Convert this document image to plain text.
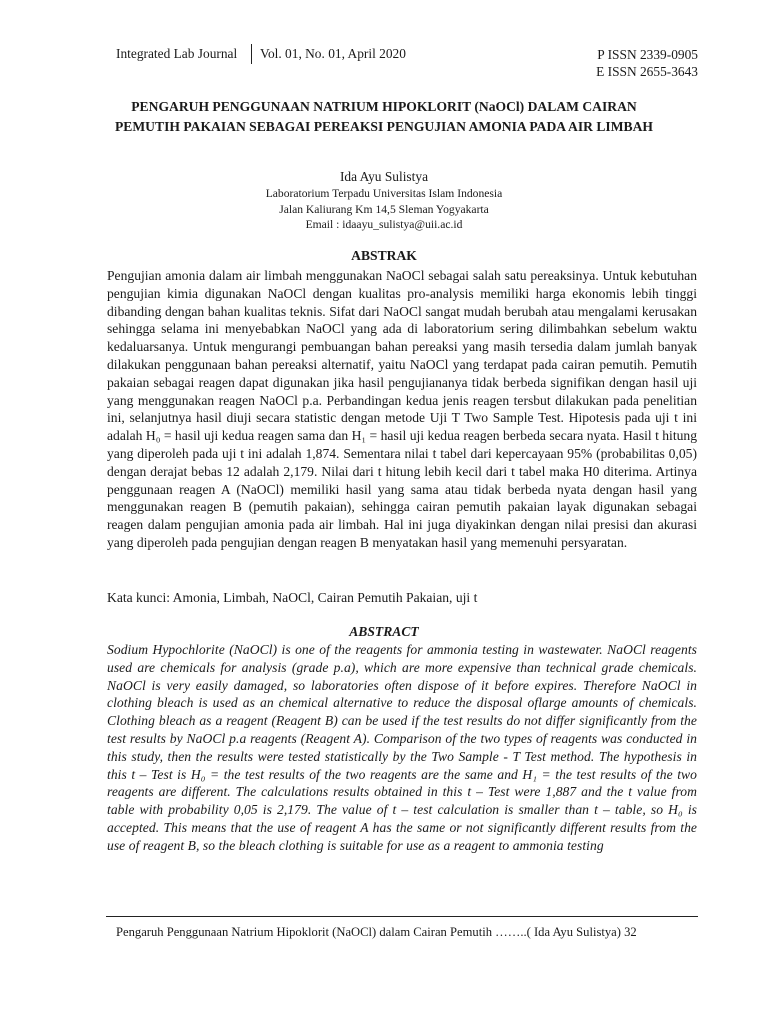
Integrated Lab Journal Vol. 01, No. 01, April 2020	P ISSN 2339-0905
E ISSN 2655-3643
PENGARUH PENGGUNAAN NATRIUM HIPOKLORIT (NaOCl) DALAM CAIRAN PEMUTIH PAKAIAN SEBAGAI PEREAKSI PENGUJIAN AMONIA PADA AIR LIMBAH
Ida Ayu Sulistya
Laboratorium Terpadu Universitas Islam Indonesia
Jalan Kaliurang Km 14,5 Sleman Yogyakarta
Email : idaayu_sulistya@uii.ac.id
ABSTRAK

Pengujian amonia dalam air limbah menggunakan NaOCl sebagai salah satu pereaksinya. Untuk kebutuhan pengujian kimia digunakan NaOCl dengan kualitas pro-analysis memiliki harga ekonomis lebih tinggi dibanding dengan bahan kualitas teknis. Sifat dari NaOCl sangat mudah berubah atau mengalami kerusakan sehingga selama ini menyebabkan NaOCl yang ada di laboratorium sering dilimbahkan sebelum waktu kedaluarsanya. Untuk mengurangi pembuangan bahan pereaksi yang masih tersedia dalam jumlah banyak dilakukan penggunaan bahan pereaksi alternatif, yaitu NaOCl yang terdapat pada cairan pemutih. Pemutih pakaian sebagai reagen dapat digunakan jika hasil pengujiananya tidak berbeda signifikan dengan hasil uji yang menggunakan reagen NaOCl p.a. Perbandingan kedua jenis reagen tersbut dilakukan pada penelitian ini, selanjutnya hasil diuji secara statistic dengan metode Uji T Two Sample Test. Hipotesis pada uji t ini adalah H₀ = hasil uji kedua reagen sama dan H₁ = hasil uji kedua reagen berbeda secara nyata. Hasil t hitung yang diperoleh pada uji t ini adalah 1,874. Sementara nilai t tabel dari kepercayaan 95% (probabilitas 0,05) dengan derajat bebas 12 adalah 2,179. Nilai dari t hitung lebih kecil dari t tabel maka H0 diterima. Artinya penggunaan reagen A (NaOCl) memiliki hasil yang sama atau tidak berbeda nyata dengan hasil yang menggunakan reagen B (pemutih pakaian), sehingga cairan pemutih pakaian layak digunakan sebagai reagen dalam pengujian amonia pada air limbah. Hal ini juga diyakinkan dengan nilai presisi dan akurasi yang diperoleh pada pengujian dengan reagen B menyatakan hasil yang memenuhi persyaratan.

Kata kunci: Amonia, Limbah, NaOCl, Cairan Pemutih Pakaian, uji t
ABSTRACT

Sodium Hypochlorite (NaOCl) is one of the reagents for ammonia testing in wastewater. NaOCl reagents used are chemicals for analysis (grade p.a), which are more expensive than technical grade chemicals. NaOCl is very easily damaged, so laboratories often dispose of it before expires. Therefore NaOCl in clothing bleach is used as an chemical alternative to reduce the disposal oflarge amounts of chemicals. Clothing bleach as a reagent (Reagent B) can be used if the test results do not differ significantly from the test results by NaOCl p.a reagents (Reagent A). Comparison of the two types of reagents was conducted in this study, then the results were tested statistically by the Two Sample - T Test method. The hypothesis in this t – Test is H₀ = the test results of the two reagents are the same and H₁ = the test results of the two reagents are different. The calculations results obtained in this t – Test were 1,887 and the t value from table with probability 0,05 is 2,179. The value of t – test calculation is smaller than t – table, so H₀ is accepted. This means that the use of reagent A has the same or not significantly different results from the use of reagent B, so the bleach clothing is suitable for use as a reagent to ammonia testing

Pengaruh Penggunaan Natrium Hipoklorit (NaOCl) dalam Cairan Pemutih ……..( Ida Ayu Sulistya) 32
